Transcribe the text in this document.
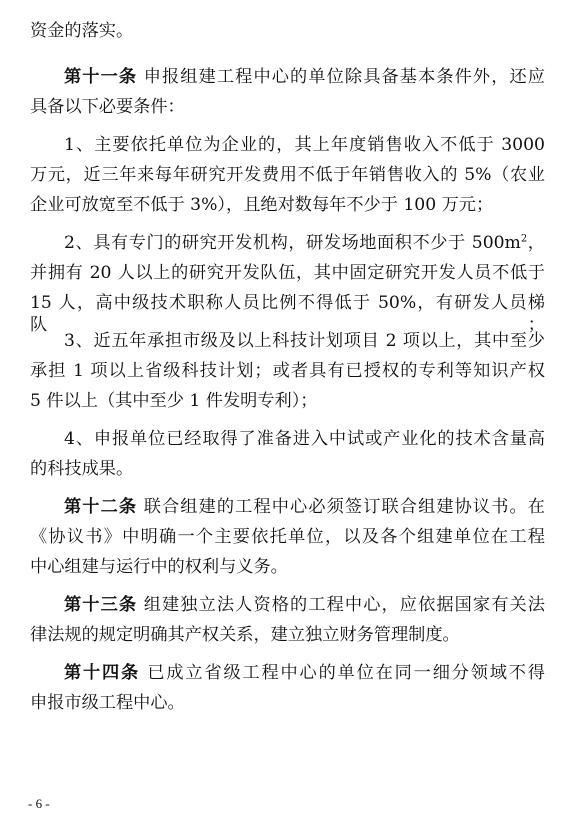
资金的落实。
第十一条 申报组建工程中心的单位除具备基本条件外，还应
具备以下必要条件：
1、主要依托单位为企业的，其上年度销售收入不低于 3000
万元，近三年来每年研究开发费用不低于年销售收入的 5%（农业
企业可放宽至不低于 3%），且绝对数每年不少于 100 万元；
2、具有专门的研究开发机构，研发场地面积不少于 $500m^2$，
并拥有 20 人以上的研究开发队伍，其中固定研究开发人员不低于
15 人，高中级技术职称人员比例不得低于 50%，有研发人员梯队；
3、近五年承担市级及以上科技计划项目 2 项以上，其中至少
承担 1 项以上省级科技计划；或者具有已授权的专利等知识产权
5 件以上（其中至少 1 件发明专利）；
4、申报单位已经取得了准备进入中试或产业化的技术含量高
的科技成果。
第十二条 联合组建的工程中心必须签订联合组建协议书。在
《协议书》中明确一个主要依托单位，以及各个组建单位在工程
中心组建与运行中的权利与义务。
第十三条 组建独立法人资格的工程中心，应依据国家有关法
律法规的规定明确其产权关系，建立独立财务管理制度。
第十四条 已成立省级工程中心的单位在同一细分领域不得
申报市级工程中心。
- 6 -
